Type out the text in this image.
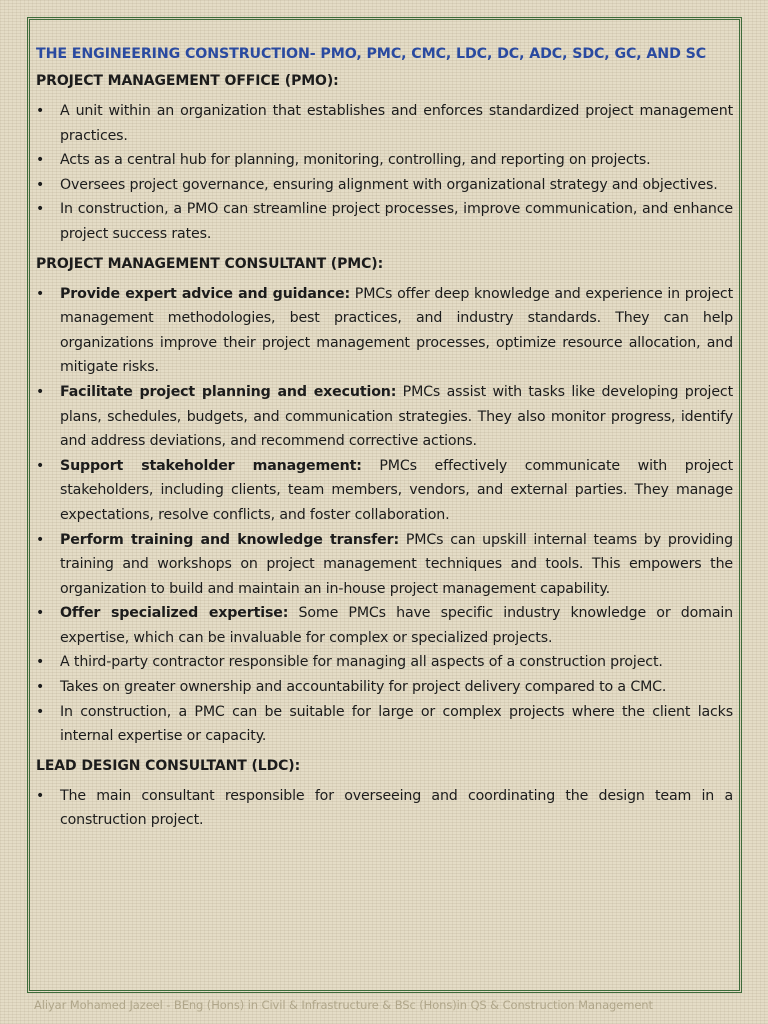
THE ENGINEERING CONSTRUCTION- PMO, PMC, CMC, LDC, DC, ADC, SDC, GC, AND SC
PROJECT MANAGEMENT OFFICE (PMO):
• A unit within an organization that establishes and enforces standardized project management practices.
• Acts as a central hub for planning, monitoring, controlling, and reporting on projects.
• Oversees project governance, ensuring alignment with organizational strategy and objectives.
• In construction, a PMO can streamline project processes, improve communication, and enhance project success rates.
PROJECT MANAGEMENT CONSULTANT (PMC):
• Provide expert advice and guidance: PMCs offer deep knowledge and experience in project management methodologies, best practices, and industry standards. They can help organizations improve their project management processes, optimize resource allocation, and mitigate risks.
• Facilitate project planning and execution: PMCs assist with tasks like developing project plans, schedules, budgets, and communication strategies. They also monitor progress, identify and address deviations, and recommend corrective actions.
• Support stakeholder management: PMCs effectively communicate with project stakeholders, including clients, team members, vendors, and external parties. They manage expectations, resolve conflicts, and foster collaboration.
• Perform training and knowledge transfer: PMCs can upskill internal teams by providing training and workshops on project management techniques and tools. This empowers the organization to build and maintain an in-house project management capability.
• Offer specialized expertise: Some PMCs have specific industry knowledge or domain expertise, which can be invaluable for complex or specialized projects.
• A third-party contractor responsible for managing all aspects of a construction project.
• Takes on greater ownership and accountability for project delivery compared to a CMC.
• In construction, a PMC can be suitable for large or complex projects where the client lacks internal expertise or capacity.
LEAD DESIGN CONSULTANT (LDC):
• The main consultant responsible for overseeing and coordinating the design team in a construction project.
Aliyar Mohamed Jazeel - BEng (Hons) in Civil & Infrastructure & BSc (Hons)in QS & Construction Management
